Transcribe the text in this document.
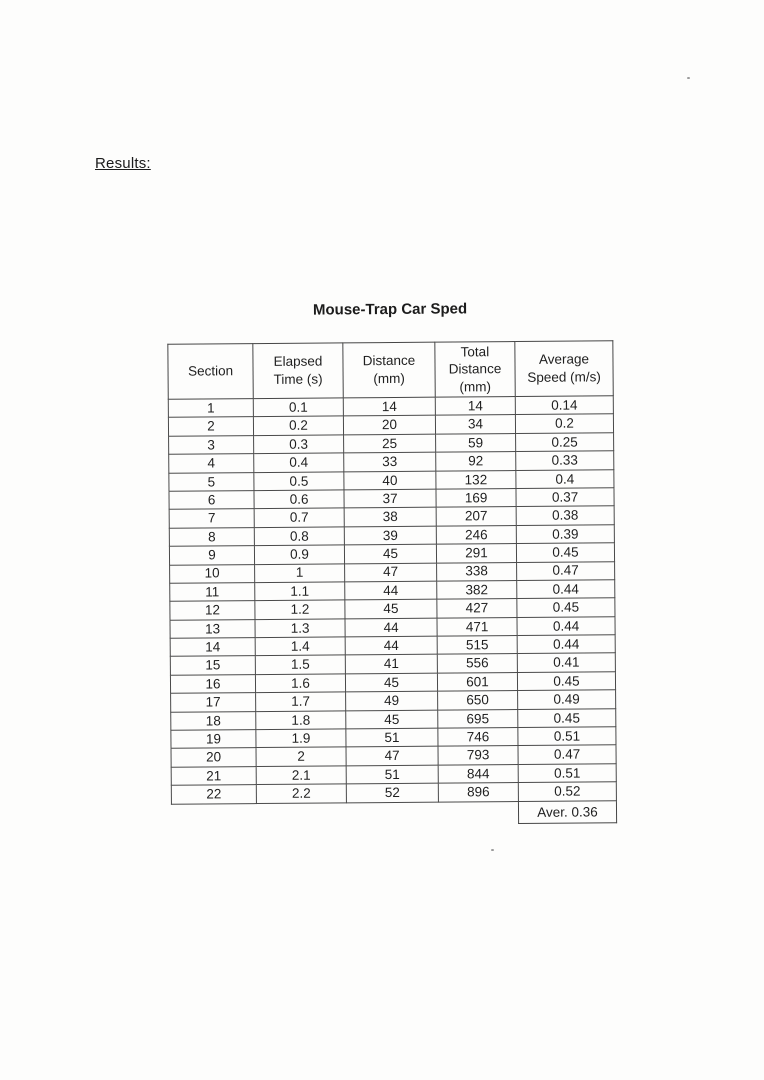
Results:
Mouse-Trap Car Sped
Section	Elapsed Time (s)	Distance (mm)	Total Distance (mm)	Average Speed (m/s)
1	0.1	14	14	0.14
2	0.2	20	34	0.2
3	0.3	25	59	0.25
4	0.4	33	92	0.33
5	0.5	40	132	0.4
6	0.6	37	169	0.37
7	0.7	38	207	0.38
8	0.8	39	246	0.39
9	0.9	45	291	0.45
10	1	47	338	0.47
11	1.1	44	382	0.44
12	1.2	45	427	0.45
13	1.3	44	471	0.44
14	1.4	44	515	0.44
15	1.5	41	556	0.41
16	1.6	45	601	0.45
17	1.7	49	650	0.49
18	1.8	45	695	0.45
19	1.9	51	746	0.51
20	2	47	793	0.47
21	2.1	51	844	0.51
22	2.2	52	896	0.52
				Aver. 0.36
